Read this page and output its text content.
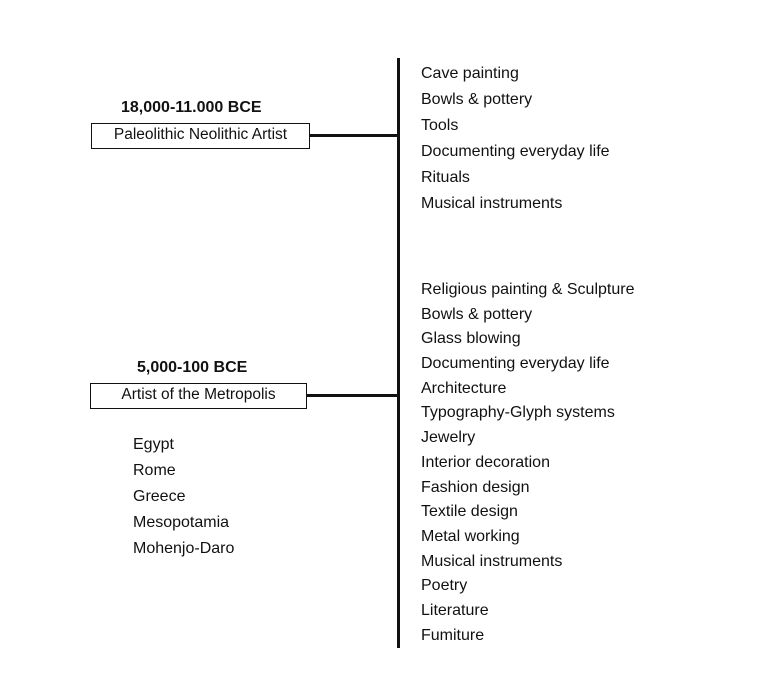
18,000-11.000 BCE
Paleolithic Neolithic Artist
Cave painting
Bowls & pottery
Tools
Documenting everyday life
Rituals
Musical instruments
5,000-100 BCE
Artist of the Metropolis
Egypt
Rome
Greece
Mesopotamia
Mohenjo-Daro
Religious painting & Sculpture
Bowls & pottery
Glass blowing
Documenting everyday life
Architecture
Typography-Glyph systems
Jewelry
Interior decoration
Fashion design
Textile design
Metal working
Musical instruments
Poetry
Literature
Fumiture
